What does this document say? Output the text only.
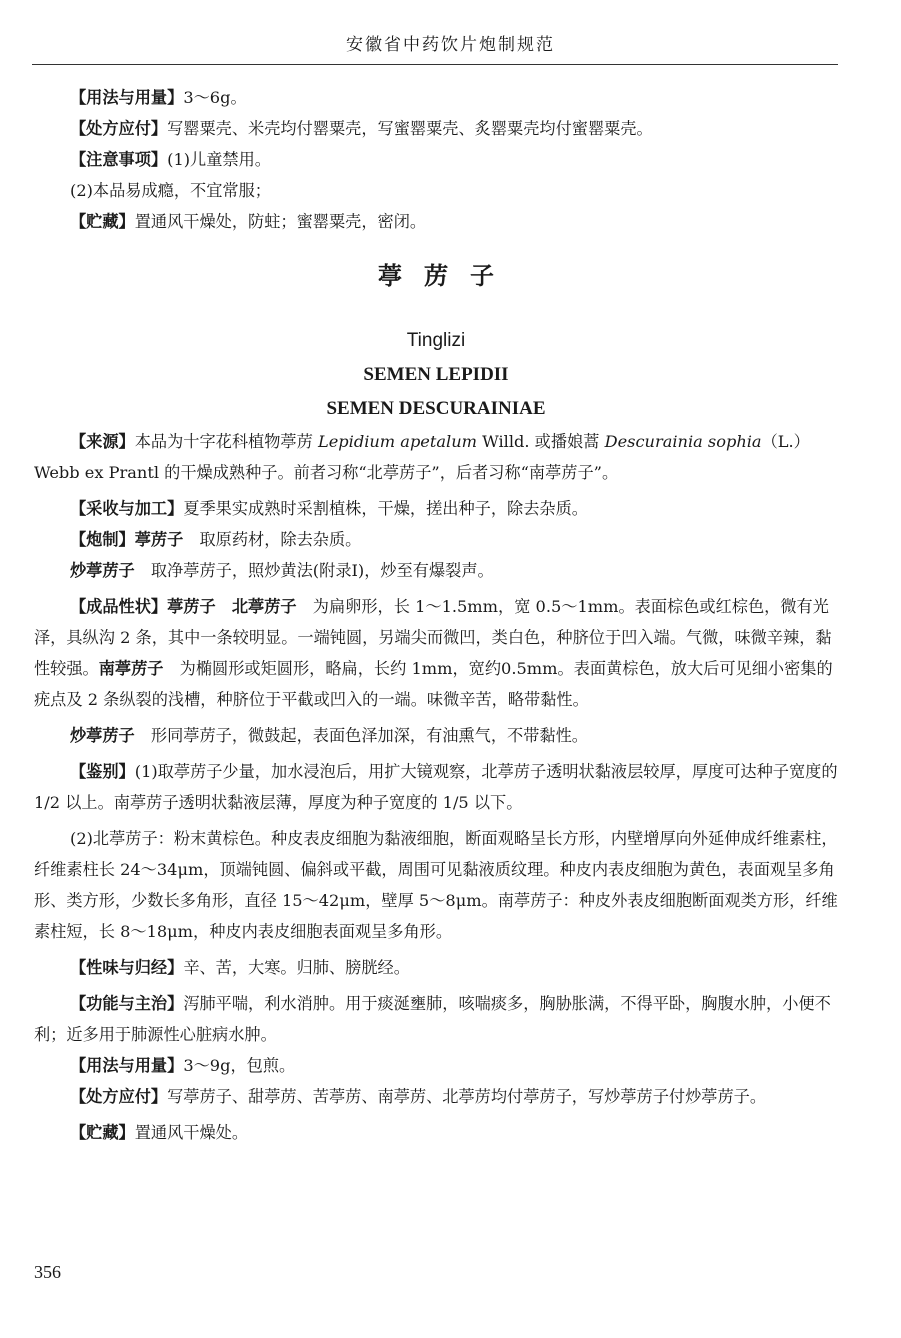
安徽省中药饮片炮制规范

【用法与用量】3～6g。

【处方应付】写罂粟壳、米壳均付罂粟壳，写蜜罂粟壳、炙罂粟壳均付蜜罂粟壳。

【注意事项】(1)儿童禁用。

(2)本品易成瘾，不宜常服；

【贮藏】置通风干燥处，防蛀；蜜罂粟壳，密闭。

葶苈子

Tinglizi

SEMEN LEPIDII

SEMEN DESCURAINIAE

【来源】本品为十字花科植物葶苈 Lepidium apetalum Willd. 或播娘蒿 Descurainia sophia（L.）Webb ex Prantl 的干燥成熟种子。前者习称“北葶苈子”，后者习称“南葶苈子”。

【采收与加工】夏季果实成熟时采割植株，干燥，搓出种子，除去杂质。

【炮制】葶苈子　取原药材，除去杂质。

炒葶苈子　取净葶苈子，照炒黄法(附录Ⅰ)，炒至有爆裂声。

【成品性状】葶苈子　北葶苈子　为扁卵形，长 1～1.5mm，宽 0.5～1mm。表面棕色或红棕色，微有光泽，具纵沟 2 条，其中一条较明显。一端钝圆，另端尖而微凹，类白色，种脐位于凹入端。气微，味微辛辣，黏性较强。南葶苈子　为椭圆形或矩圆形，略扁，长约 1mm，宽约0.5mm。表面黄棕色，放大后可见细小密集的疣点及 2 条纵裂的浅槽，种脐位于平截或凹入的一端。味微辛苦，略带黏性。

炒葶苈子　形同葶苈子，微鼓起，表面色泽加深，有油熏气，不带黏性。

【鉴别】(1)取葶苈子少量，加水浸泡后，用扩大镜观察，北葶苈子透明状黏液层较厚，厚度可达种子宽度的 1/2 以上。南葶苈子透明状黏液层薄，厚度为种子宽度的 1/5 以下。

(2)北葶苈子：粉末黄棕色。种皮表皮细胞为黏液细胞，断面观略呈长方形，内壁增厚向外延伸成纤维素柱，纤维素柱长 24～34μm，顶端钝圆、偏斜或平截，周围可见黏液质纹理。种皮内表皮细胞为黄色，表面观呈多角形、类方形，少数长多角形，直径 15～42μm，壁厚 5～8μm。南葶苈子：种皮外表皮细胞断面观类方形，纤维素柱短，长 8～18μm，种皮内表皮细胞表面观呈多角形。

【性味与归经】辛、苦，大寒。归肺、膀胱经。

【功能与主治】泻肺平喘，利水消肿。用于痰涎壅肺，咳喘痰多，胸胁胀满，不得平卧，胸腹水肿，小便不利；近多用于肺源性心脏病水肿。

【用法与用量】3～9g，包煎。

【处方应付】写葶苈子、甜葶苈、苦葶苈、南葶苈、北葶苈均付葶苈子，写炒葶苈子付炒葶苈子。

【贮藏】置通风干燥处。

356
